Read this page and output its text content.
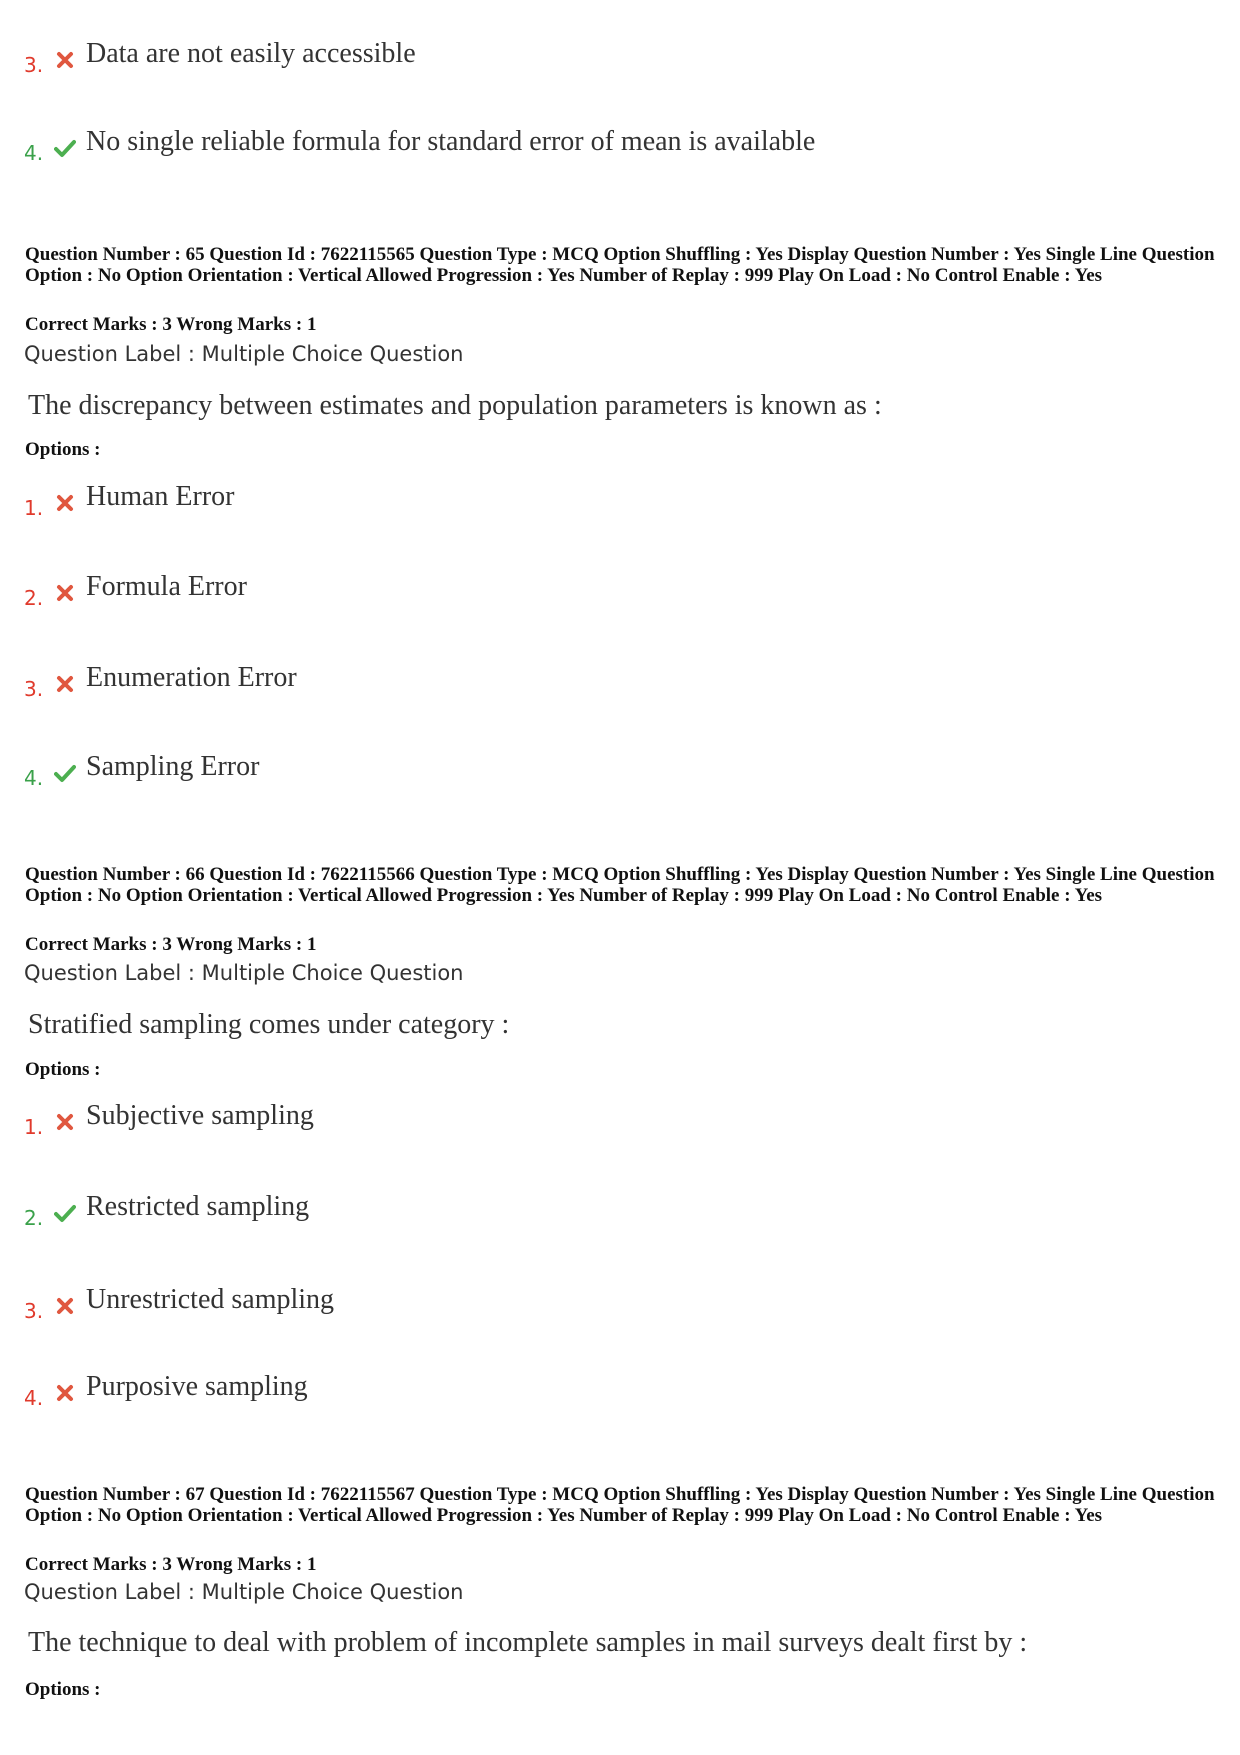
3. Data are not easily accessible
4. No single reliable formula for standard error of mean is available
Question Number : 65 Question Id : 7622115565 Question Type : MCQ Option Shuffling : Yes Display Question Number : Yes Single Line Question Option : No Option Orientation : Vertical Allowed Progression : Yes Number of Replay : 999 Play On Load : No Control Enable : Yes
Correct Marks : 3 Wrong Marks : 1
Question Label : Multiple Choice Question
The discrepancy between estimates and population parameters is known as :
Options :
1. Human Error
2. Formula Error
3. Enumeration Error
4. Sampling Error
Question Number : 66 Question Id : 7622115566 Question Type : MCQ Option Shuffling : Yes Display Question Number : Yes Single Line Question Option : No Option Orientation : Vertical Allowed Progression : Yes Number of Replay : 999 Play On Load : No Control Enable : Yes
Correct Marks : 3 Wrong Marks : 1
Question Label : Multiple Choice Question
Stratified sampling comes under category :
Options :
1. Subjective sampling
2. Restricted sampling
3. Unrestricted sampling
4. Purposive sampling
Question Number : 67 Question Id : 7622115567 Question Type : MCQ Option Shuffling : Yes Display Question Number : Yes Single Line Question Option : No Option Orientation : Vertical Allowed Progression : Yes Number of Replay : 999 Play On Load : No Control Enable : Yes
Correct Marks : 3 Wrong Marks : 1
Question Label : Multiple Choice Question
The technique to deal with problem of incomplete samples in mail surveys dealt first by :
Options :
